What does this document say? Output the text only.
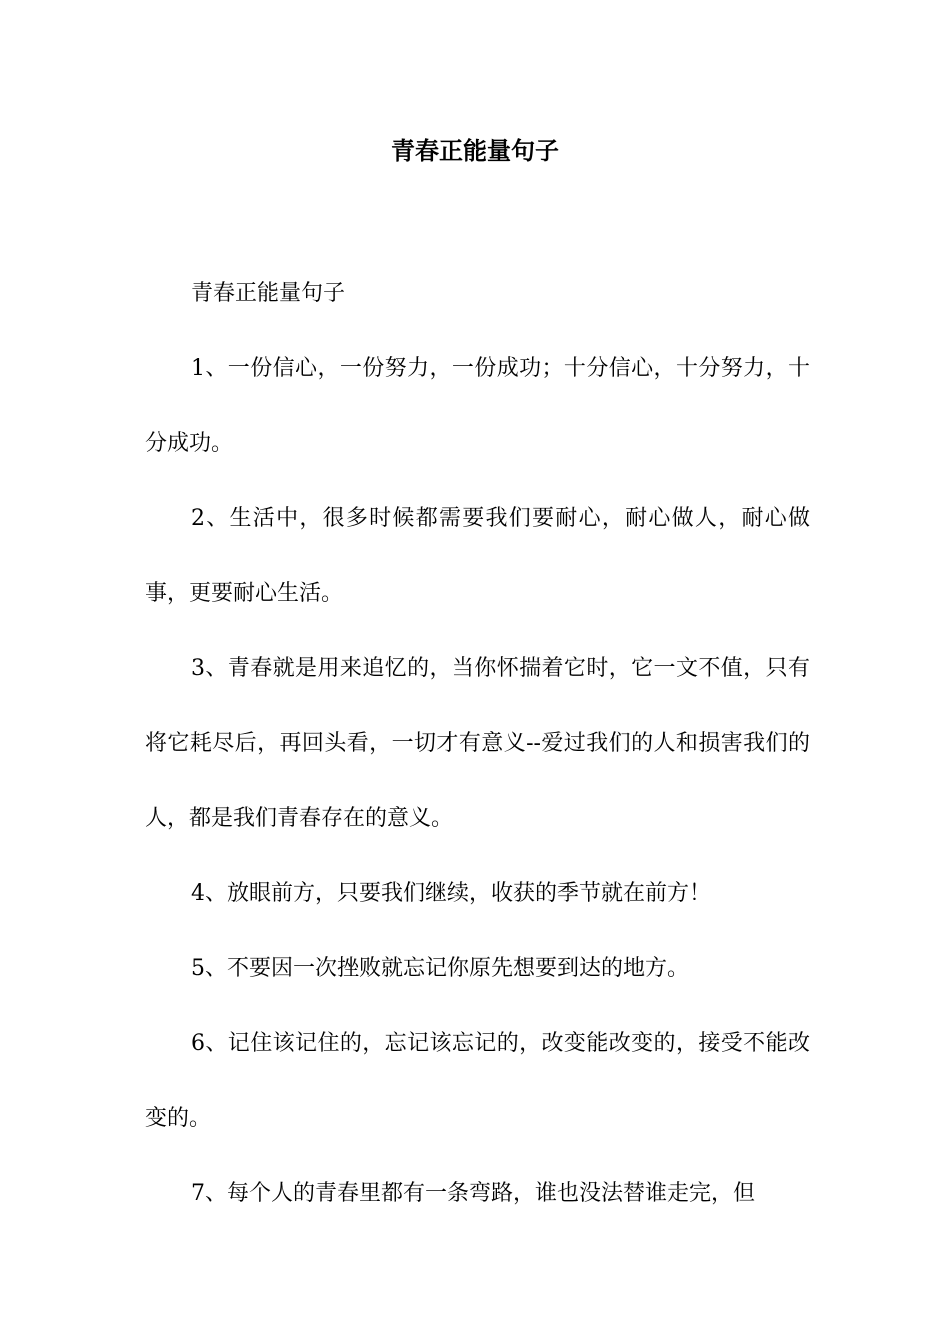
青春正能量句子

青春正能量句子

1、一份信心，一份努力，一份成功；十分信心，十分努力，十分成功。

2、生活中，很多时候都需要我们要耐心，耐心做人，耐心做事，更要耐心生活。

3、青春就是用来追忆的，当你怀揣着它时，它一文不值，只有将它耗尽后，再回头看，一切才有意义--爱过我们的人和损害我们的人，都是我们青春存在的意义。

4、放眼前方，只要我们继续，收获的季节就在前方！

5、不要因一次挫败就忘记你原先想要到达的地方。

6、记住该记住的，忘记该忘记的，改变能改变的，接受不能改变的。

7、每个人的青春里都有一条弯路，谁也没法替谁走完，但
